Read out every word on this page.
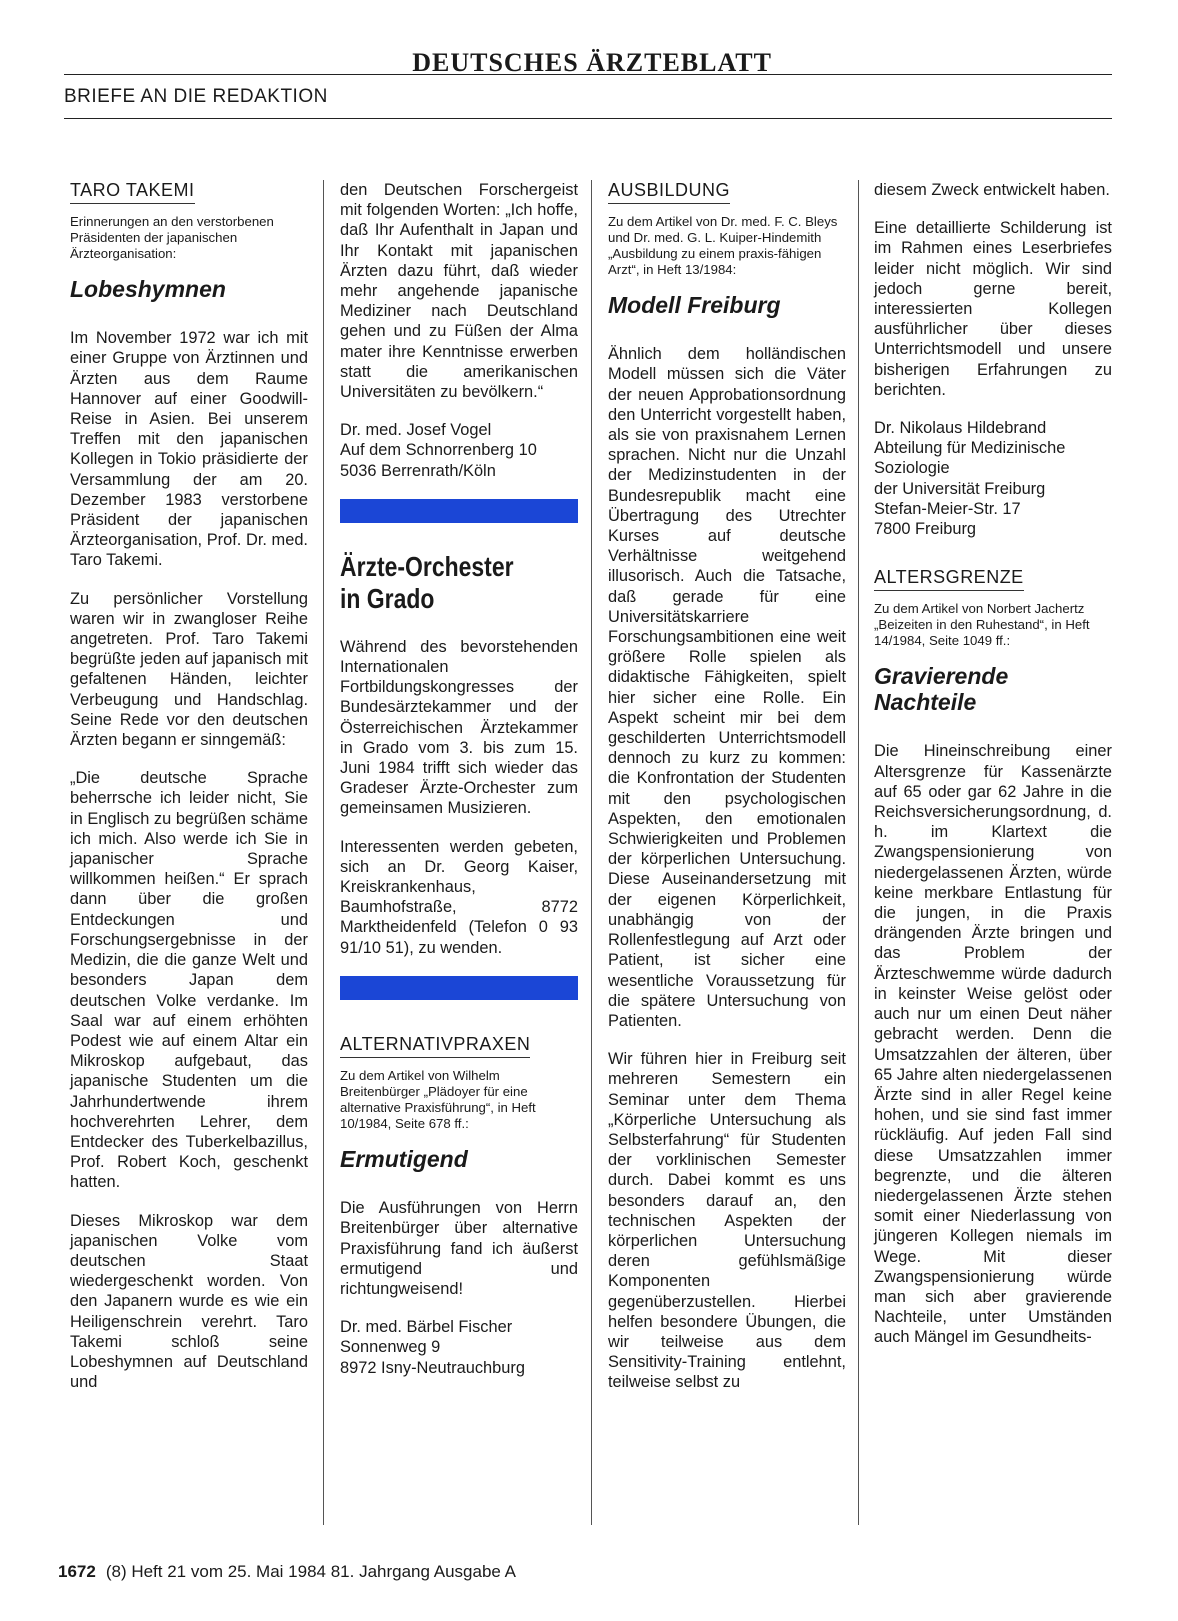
DEUTSCHES ÄRZTEBLATT
BRIEFE AN DIE REDAKTION
TARO TAKEMI
Erinnerungen an den verstorbenen Präsidenten der japanischen Ärzteorganisation:
Lobeshymnen

Im November 1972 war ich mit einer Gruppe von Ärztinnen und Ärzten aus dem Raume Hannover auf einer Goodwill-Reise in Asien. Bei unserem Treffen mit den japanischen Kollegen in Tokio präsidierte der Versammlung der am 20. Dezember 1983 verstorbene Präsident der japanischen Ärzteorganisation, Prof. Dr. med. Taro Takemi.

Zu persönlicher Vorstellung waren wir in zwangloser Reihe angetreten. Prof. Taro Takemi begrüßte jeden auf japanisch mit gefaltenen Händen, leichter Verbeugung und Handschlag. Seine Rede vor den deutschen Ärzten begann er sinngemäß:

„Die deutsche Sprache beherrsche ich leider nicht, Sie in Englisch zu begrüßen schäme ich mich. Also werde ich Sie in japanischer Sprache willkommen heißen.“ Er sprach dann über die großen Entdeckungen und Forschungsergebnisse in der Medizin, die die ganze Welt und besonders Japan dem deutschen Volke verdanke. Im Saal war auf einem erhöhten Podest wie auf einem Altar ein Mikroskop aufgebaut, das japanische Studenten um die Jahrhundertwende ihrem hochverehrten Lehrer, dem Entdecker des Tuberkelbazillus, Prof. Robert Koch, geschenkt hatten.

Dieses Mikroskop war dem japanischen Volke vom deutschen Staat wiedergeschenkt worden. Von den Japanern wurde es wie ein Heiligenschrein verehrt. Taro Takemi schloß seine Lobeshymnen auf Deutschland und

den Deutschen Forschergeist mit folgenden Worten: „Ich hoffe, daß Ihr Aufenthalt in Japan und Ihr Kontakt mit japanischen Ärzten dazu führt, daß wieder mehr angehende japanische Mediziner nach Deutschland gehen und zu Füßen der Alma mater ihre Kenntnisse erwerben statt die amerikanischen Universitäten zu bevölkern.“

Dr. med. Josef Vogel
Auf dem Schnorrenberg 10
5036 Berrenrath/Köln
Ärzte-Orchester in Grado

Während des bevorstehenden Internationalen Fortbildungskongresses der Bundesärztekammer und der Österreichischen Ärztekammer in Grado vom 3. bis zum 15. Juni 1984 trifft sich wieder das Gradeser Ärzte-Orchester zum gemeinsamen Musizieren.

Interessenten werden gebeten, sich an Dr. Georg Kaiser, Kreiskrankenhaus, Baumhofstraße, 8772 Marktheidenfeld (Telefon 0 93 91/10 51), zu wenden.

ALTERNATIVPRAXEN
Zu dem Artikel von Wilhelm Breitenbürger „Plädoyer für eine alternative Praxisführung“, in Heft 10/1984, Seite 678 ff.:
Ermutigend

Die Ausführungen von Herrn Breitenbürger über alternative Praxisführung fand ich äußerst ermutigend und richtungweisend!

Dr. med. Bärbel Fischer
Sonnenweg 9
8972 Isny-Neutrauchburg
AUSBILDUNG
Zu dem Artikel von Dr. med. F. C. Bleys und Dr. med. G. L. Kuiper-Hindemith „Ausbildung zu einem praxis-fähigen Arzt“, in Heft 13/1984:
Modell Freiburg

Ähnlich dem holländischen Modell müssen sich die Väter der neuen Approbationsordnung den Unterricht vorgestellt haben, als sie von praxisnahem Lernen sprachen. Nicht nur die Unzahl der Medizinstudenten in der Bundesrepublik macht eine Übertragung des Utrechter Kurses auf deutsche Verhältnisse weitgehend illusorisch. Auch die Tatsache, daß gerade für eine Universitätskarriere Forschungsambitionen eine weit größere Rolle spielen als didaktische Fähigkeiten, spielt hier sicher eine Rolle. Ein Aspekt scheint mir bei dem geschilderten Unterrichtsmodell dennoch zu kurz zu kommen: die Konfrontation der Studenten mit den psychologischen Aspekten, den emotionalen Schwierigkeiten und Problemen der körperlichen Untersuchung. Diese Auseinandersetzung mit der eigenen Körperlichkeit, unabhängig von der Rollenfestlegung auf Arzt oder Patient, ist sicher eine wesentliche Voraussetzung für die spätere Untersuchung von Patienten.

Wir führen hier in Freiburg seit mehreren Semestern ein Seminar unter dem Thema „Körperliche Untersuchung als Selbsterfahrung“ für Studenten der vorklinischen Semester durch. Dabei kommt es uns besonders darauf an, den technischen Aspekten der körperlichen Untersuchung deren gefühlsmäßige Komponenten gegenüberzustellen. Hierbei helfen besondere Übungen, die wir teilweise aus dem Sensitivity-Training entlehnt, teilweise selbst zu

diesem Zweck entwickelt haben.

Eine detaillierte Schilderung ist im Rahmen eines Leserbriefes leider nicht möglich. Wir sind jedoch gerne bereit, interessierten Kollegen ausführlicher über dieses Unterrichtsmodell und unsere bisherigen Erfahrungen zu berichten.

Dr. Nikolaus Hildebrand
Abteilung für Medizinische
Soziologie
der Universität Freiburg
Stefan-Meier-Str. 17
7800 Freiburg
ALTERSGRENZE
Zu dem Artikel von Norbert Jachertz „Beizeiten in den Ruhestand“, in Heft 14/1984, Seite 1049 ff.:
Gravierende Nachteile

Die Hineinschreibung einer Altersgrenze für Kassenärzte auf 65 oder gar 62 Jahre in die Reichsversicherungsordnung, d. h. im Klartext die Zwangspensionierung von niedergelassenen Ärzten, würde keine merkbare Entlastung für die jungen, in die Praxis drängenden Ärzte bringen und das Problem der Ärzteschwemme würde dadurch in keinster Weise gelöst oder auch nur um einen Deut näher gebracht werden. Denn die Umsatzzahlen der älteren, über 65 Jahre alten niedergelassenen Ärzte sind in aller Regel keine hohen, und sie sind fast immer rückläufig. Auf jeden Fall sind diese Umsatzzahlen immer begrenzte, und die älteren niedergelassenen Ärzte stehen somit einer Niederlassung von jüngeren Kollegen niemals im Wege. Mit dieser Zwangspensionierung würde man sich aber gravierende Nachteile, unter Umständen auch Mängel im Gesundheits-

1672 (8) Heft 21 vom 25. Mai 1984 81. Jahrgang Ausgabe A
